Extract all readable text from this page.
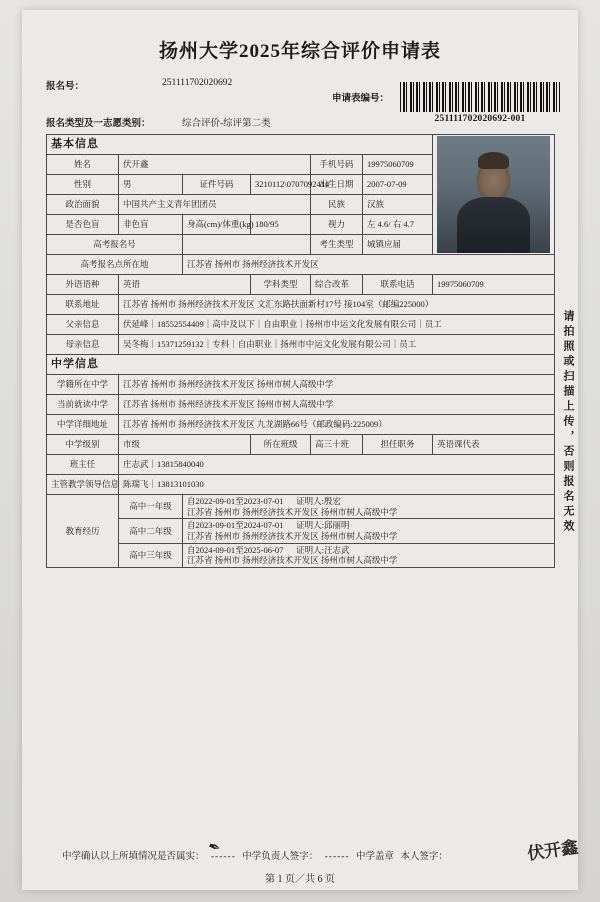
扬州大学2025年综合评价申请表
报名号：	251111702020692
申请表编号：
251111702020692-001
报名类型及一志愿类别：	综合评价-综评第二类
基本信息						

姓名	伏开鑫			手机号码	19975060709	
性别	男	证件号码	3210112\0707092414	出生日期	2007-07-09	
政治面貌	中国共产主义青年团团员			民族	汉族	
是否色盲	非色盲	身高(cm)/体重(kg)	180/95	视力	左 4.6/ 右 4.7	
高考报名号				考生类型	城镇应届	
高考报名点所在地		江苏省 扬州市 扬州经济技术开发区				
外语语种	英语		学科类型	综合改革	联系电话	19975060709
联系地址	江苏省 扬州市 扬州经济技术开发区 文汇东路扶面新村17号 接104室（邮编225000）					
父亲信息	伏延峰｜18552554409｜高中及以下｜自由职业｜扬州市中运文化发展有限公司｜员工					
母亲信息	吴冬梅｜15371259132｜专科｜自由职业｜扬州市中运文化发展有限公司｜员工					
中学信息						
学籍所在中学	江苏省 扬州市 扬州经济技术开发区 扬州市树人高级中学					
当前就读中学	江苏省 扬州市 扬州经济技术开发区 扬州市树人高级中学					
中学详细地址	江苏省 扬州市 扬州经济技术开发区 九龙湖路66号（邮政编码:225009）					
中学级别	市级		所在班级	高三十班	担任职务	英语课代表
班主任	庄志武｜13815840040					
主管教学领导信息	陈瑞飞｜13813101030					
教育经历	高中一年级	自2022-09-01至2023-07-01 证明人:殷宏
江苏省 扬州市 扬州经济技术开发区 扬州市树人高级中学				
	高中二年级	自2023-09-01至2024-07-01 证明人:邱丽明
江苏省 扬州市 扬州经济技术开发区 扬州市树人高级中学				
	高中三年级	自2024-09-01至2025-06-07 证明人:汪志武
江苏省 扬州市 扬州经济技术开发区 扬州市树人高级中学				
请拍照或扫描上传，否则报名无效
中学确认以上所填情况是否属实： ------ 中学负责人签字： ------ 中学盖章 本人签字：
✒	伏开鑫
第 1 页／共 6 页
